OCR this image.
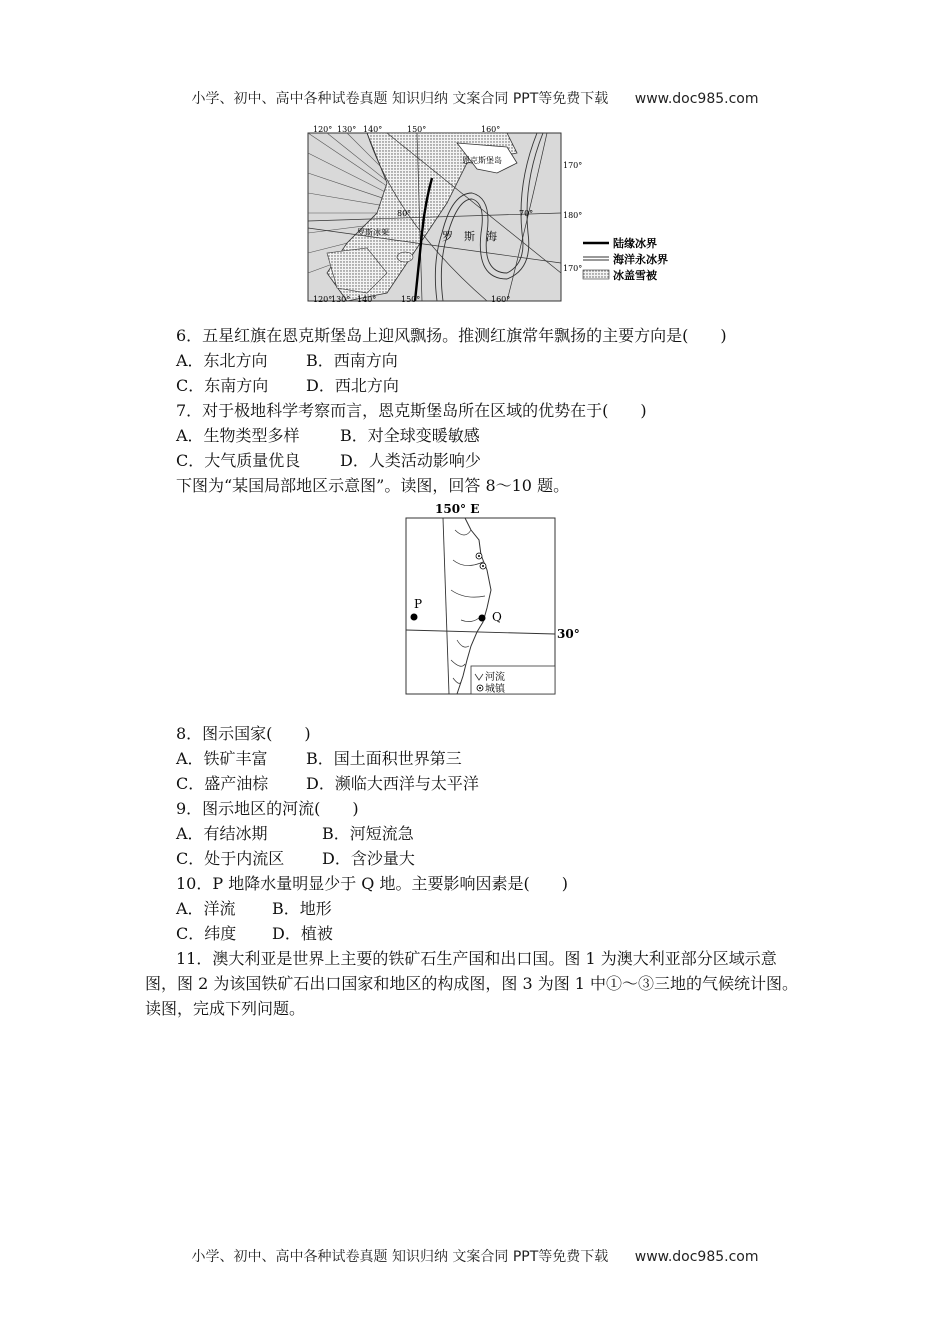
小学、初中、高中各种试卷真题 知识归纳 文案合同 PPT等免费下载 www.doc985.com
120° 130° 140°	150°	160°
120°
130° 140°	150°	160°
170°
180°
170°
80°	70°
恩克斯堡岛
罗斯冰架	罗　斯　海
陆缘冰界
海洋永冰界
冰盖雪被
6．五星红旗在恩克斯堡岛上迎风飘扬。推测红旗常年飘扬的主要方向是(　　)
A．东北方向 B．西南方向
C．东南方向 D．西北方向
7．对于极地科学考察而言，恩克斯堡岛所在区域的优势在于(　　)
A．生物类型多样	B．对全球变暖敏感
C．大气质量优良 D．人类活动影响少
下图为“某国局部地区示意图”。读图，回答 8～10 题。
P
Q
150° E
30°
河流
城镇
8．图示国家(　　)
A．铁矿丰富 B．国土面积世界第三
C．盛产油棕 D．濒临大西洋与太平洋
9．图示地区的河流(　　)
A．有结冰期	B．河短流急
C．处于内流区 D．含沙量大
10．P 地降水量明显少于 Q 地。主要影响因素是(　　)
A．洋流 B．地形
C．纬度 D．植被
11．澳大利亚是世界上主要的铁矿石生产国和出口国。图 1 为澳大利亚部分区域示意
图，图 2 为该国铁矿石出口国家和地区的构成图，图 3 为图 1 中①～③三地的气候统计图。
读图，完成下列问题。
小学、初中、高中各种试卷真题 知识归纳 文案合同 PPT等免费下载 www.doc985.com
